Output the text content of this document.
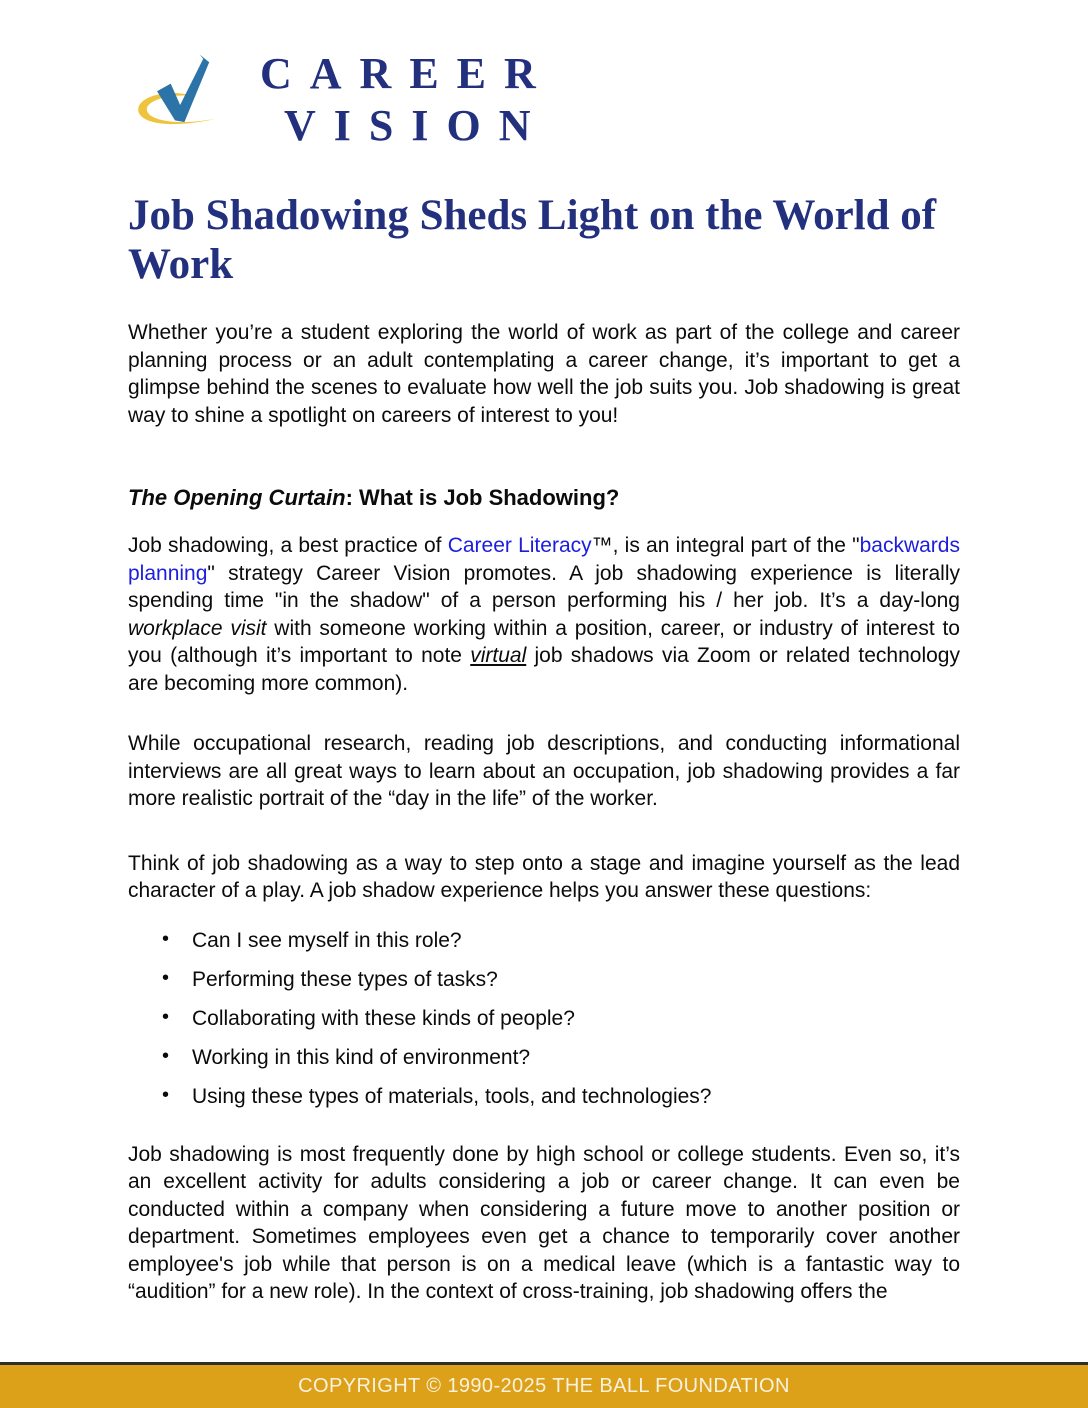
CAREER
VISION
Job Shadowing Sheds Light on the World of
Work

Whether you’re a student exploring the world of work as part of the college and career planning process or an adult contemplating a career change, it’s important to get a glimpse behind the scenes to evaluate how well the job suits you. Job shadowing is great way to shine a spotlight on careers of interest to you!

The Opening Curtain: What is Job Shadowing?

Job shadowing, a best practice of Career Literacy™, is an integral part of the "backwards planning" strategy Career Vision promotes. A job shadowing experience is literally spending time "in the shadow" of a person performing his / her job. It’s a day-long workplace visit with someone working within a position, career, or industry of interest to you (although it’s important to note virtual job shadows via Zoom or related technology are becoming more common).

While occupational research, reading job descriptions, and conducting informational interviews are all great ways to learn about an occupation, job shadowing provides a far more realistic portrait of the “day in the life” of the worker.

Think of job shadowing as a way to step onto a stage and imagine yourself as the lead character of a play. A job shadow experience helps you answer these questions:

• Can I see myself in this role?
• Performing these types of tasks?
• Collaborating with these kinds of people?
• Working in this kind of environment?
• Using these types of materials, tools, and technologies?

Job shadowing is most frequently done by high school or college students. Even so, it’s an excellent activity for adults considering a job or career change. It can even be conducted within a company when considering a future move to another position or department. Sometimes employees even get a chance to temporarily cover another employee's job while that person is on a medical leave (which is a fantastic way to “audition” for a new role). In the context of cross-training, job shadowing offers the

COPYRIGHT © 1990-2025 THE BALL FOUNDATION
